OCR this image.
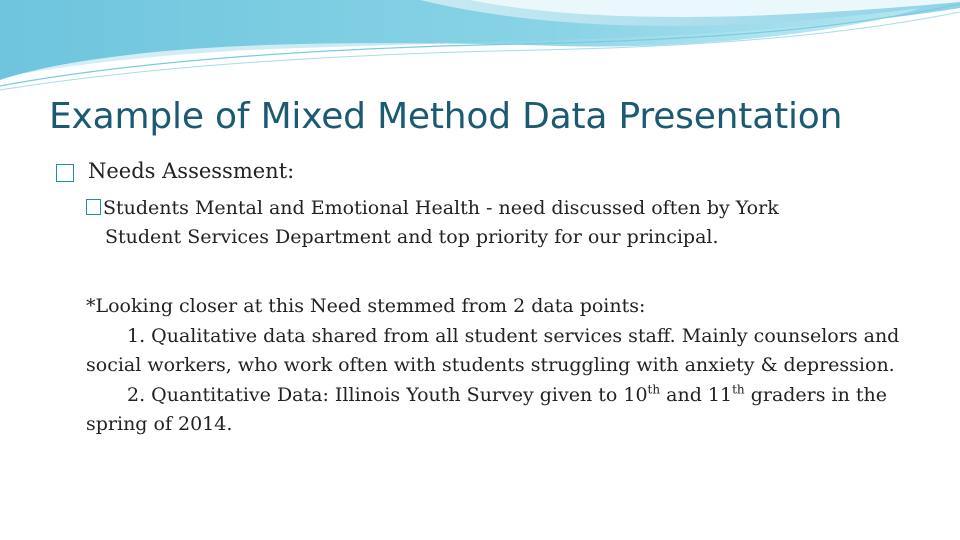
Example of Mixed Method Data Presentation
Needs Assessment:
Students Mental and Emotional Health - need discussed often by York
Student Services Department and top priority for our principal.
*Looking closer at this Need stemmed from 2 data points:
1. Qualitative data shared from all student services staff. Mainly counselors and social workers, who work often with students struggling with anxiety & depression.
2. Quantitative Data: Illinois Youth Survey given to 10th and 11th graders in the spring of 2014.
